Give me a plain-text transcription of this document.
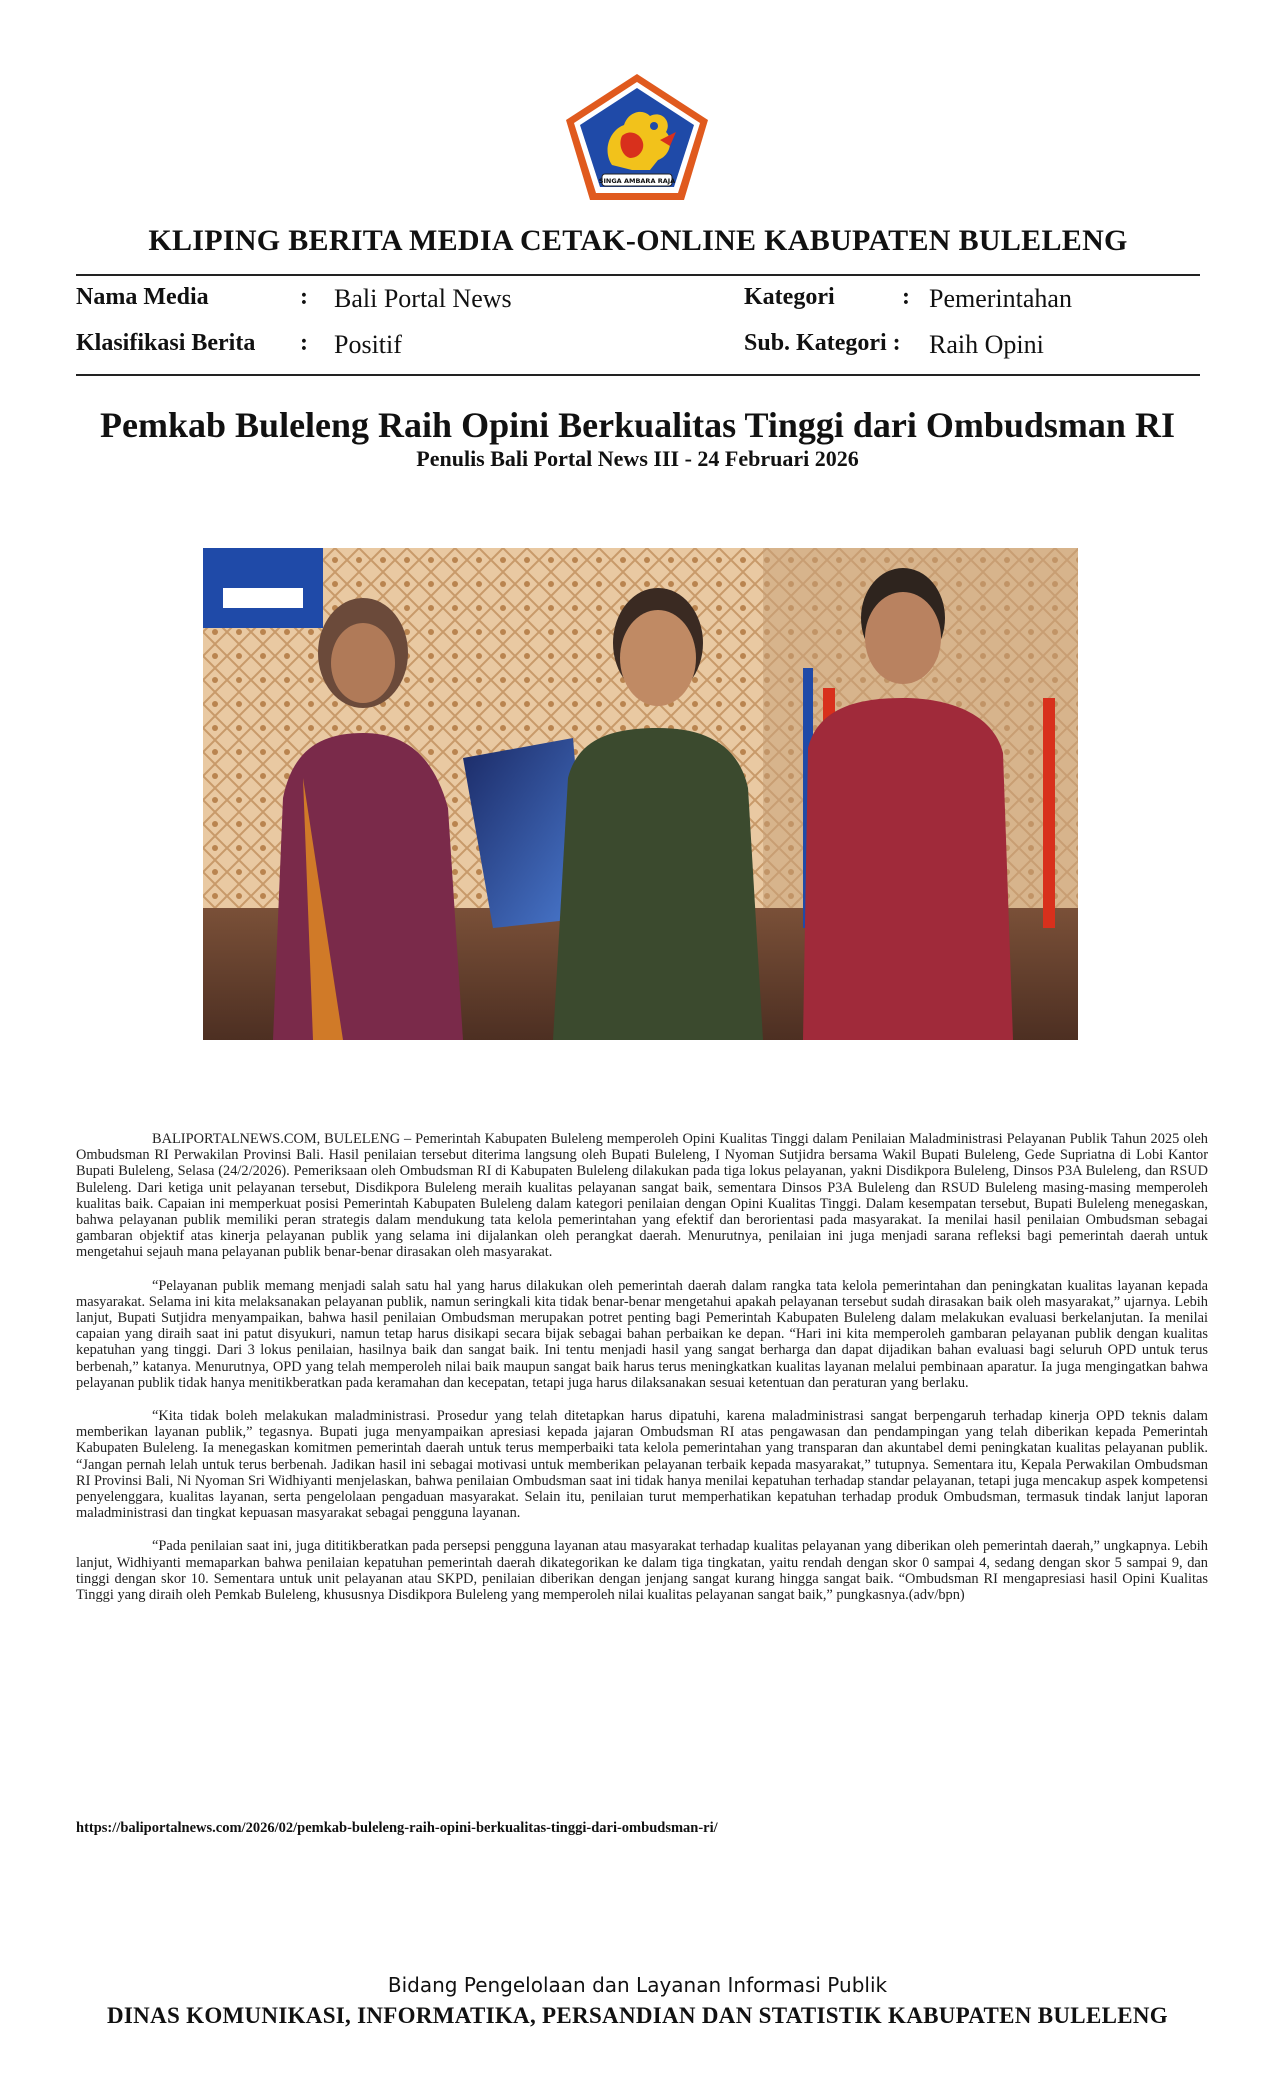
SINGA AMBARA RAJA
KLIPING BERITA MEDIA CETAK-ONLINE KABUPATEN BULELENG
Nama Media	: Bali Portal News	Kategori	: Pemerintahan
Klasifikasi Berita : Positif	Sub. Kategori : Raih Opini
Pemkab Buleleng Raih Opini Berkualitas Tinggi dari Ombudsman RI
Penulis Bali Portal News III - 24 Februari 2026

BALIPORTALNEWS.COM, BULELENG – Pemerintah Kabupaten Buleleng memperoleh Opini Kualitas Tinggi dalam Penilaian Maladministrasi Pelayanan Publik Tahun 2025 oleh Ombudsman RI Perwakilan Provinsi Bali. Hasil penilaian tersebut diterima langsung oleh Bupati Buleleng, I Nyoman Sutjidra bersama Wakil Bupati Buleleng, Gede Supriatna di Lobi Kantor Bupati Buleleng, Selasa (24/2/2026). Pemeriksaan oleh Ombudsman RI di Kabupaten Buleleng dilakukan pada tiga lokus pelayanan, yakni Disdikpora Buleleng, Dinsos P3A Buleleng, dan RSUD Buleleng. Dari ketiga unit pelayanan tersebut, Disdikpora Buleleng meraih kualitas pelayanan sangat baik, sementara Dinsos P3A Buleleng dan RSUD Buleleng masing-masing memperoleh kualitas baik. Capaian ini memperkuat posisi Pemerintah Kabupaten Buleleng dalam kategori penilaian dengan Opini Kualitas Tinggi. Dalam kesempatan tersebut, Bupati Buleleng menegaskan, bahwa pelayanan publik memiliki peran strategis dalam mendukung tata kelola pemerintahan yang efektif dan berorientasi pada masyarakat. Ia menilai hasil penilaian Ombudsman sebagai gambaran objektif atas kinerja pelayanan publik yang selama ini dijalankan oleh perangkat daerah. Menurutnya, penilaian ini juga menjadi sarana refleksi bagi pemerintah daerah untuk mengetahui sejauh mana pelayanan publik benar-benar dirasakan oleh masyarakat.

“Pelayanan publik memang menjadi salah satu hal yang harus dilakukan oleh pemerintah daerah dalam rangka tata kelola pemerintahan dan peningkatan kualitas layanan kepada masyarakat. Selama ini kita melaksanakan pelayanan publik, namun seringkali kita tidak benar-benar mengetahui apakah pelayanan tersebut sudah dirasakan baik oleh masyarakat,” ujarnya. Lebih lanjut, Bupati Sutjidra menyampaikan, bahwa hasil penilaian Ombudsman merupakan potret penting bagi Pemerintah Kabupaten Buleleng dalam melakukan evaluasi berkelanjutan. Ia menilai capaian yang diraih saat ini patut disyukuri, namun tetap harus disikapi secara bijak sebagai bahan perbaikan ke depan. “Hari ini kita memperoleh gambaran pelayanan publik dengan kualitas kepatuhan yang tinggi. Dari 3 lokus penilaian, hasilnya baik dan sangat baik. Ini tentu menjadi hasil yang sangat berharga dan dapat dijadikan bahan evaluasi bagi seluruh OPD untuk terus berbenah,” katanya. Menurutnya, OPD yang telah memperoleh nilai baik maupun sangat baik harus terus meningkatkan kualitas layanan melalui pembinaan aparatur. Ia juga mengingatkan bahwa pelayanan publik tidak hanya menitikberatkan pada keramahan dan kecepatan, tetapi juga harus dilaksanakan sesuai ketentuan dan peraturan yang berlaku.

“Kita tidak boleh melakukan maladministrasi. Prosedur yang telah ditetapkan harus dipatuhi, karena maladministrasi sangat berpengaruh terhadap kinerja OPD teknis dalam memberikan layanan publik,” tegasnya. Bupati juga menyampaikan apresiasi kepada jajaran Ombudsman RI atas pengawasan dan pendampingan yang telah diberikan kepada Pemerintah Kabupaten Buleleng. Ia menegaskan komitmen pemerintah daerah untuk terus memperbaiki tata kelola pemerintahan yang transparan dan akuntabel demi peningkatan kualitas pelayanan publik. “Jangan pernah lelah untuk terus berbenah. Jadikan hasil ini sebagai motivasi untuk memberikan pelayanan terbaik kepada masyarakat,” tutupnya. Sementara itu, Kepala Perwakilan Ombudsman RI Provinsi Bali, Ni Nyoman Sri Widhiyanti menjelaskan, bahwa penilaian Ombudsman saat ini tidak hanya menilai kepatuhan terhadap standar pelayanan, tetapi juga mencakup aspek kompetensi penyelenggara, kualitas layanan, serta pengelolaan pengaduan masyarakat. Selain itu, penilaian turut memperhatikan kepatuhan terhadap produk Ombudsman, termasuk tindak lanjut laporan maladministrasi dan tingkat kepuasan masyarakat sebagai pengguna layanan.

“Pada penilaian saat ini, juga dititikberatkan pada persepsi pengguna layanan atau masyarakat terhadap kualitas pelayanan yang diberikan oleh pemerintah daerah,” ungkapnya. Lebih lanjut, Widhiyanti memaparkan bahwa penilaian kepatuhan pemerintah daerah dikategorikan ke dalam tiga tingkatan, yaitu rendah dengan skor 0 sampai 4, sedang dengan skor 5 sampai 9, dan tinggi dengan skor 10. Sementara untuk unit pelayanan atau SKPD, penilaian diberikan dengan jenjang sangat kurang hingga sangat baik. “Ombudsman RI mengapresiasi hasil Opini Kualitas Tinggi yang diraih oleh Pemkab Buleleng, khususnya Disdikpora Buleleng yang memperoleh nilai kualitas pelayanan sangat baik,” pungkasnya.(adv/bpn)

https://baliportalnews.com/2026/02/pemkab-buleleng-raih-opini-berkualitas-tinggi-dari-ombudsman-ri/
Bidang Pengelolaan dan Layanan Informasi Publik
DINAS KOMUNIKASI, INFORMATIKA, PERSANDIAN DAN STATISTIK KABUPATEN BULELENG
